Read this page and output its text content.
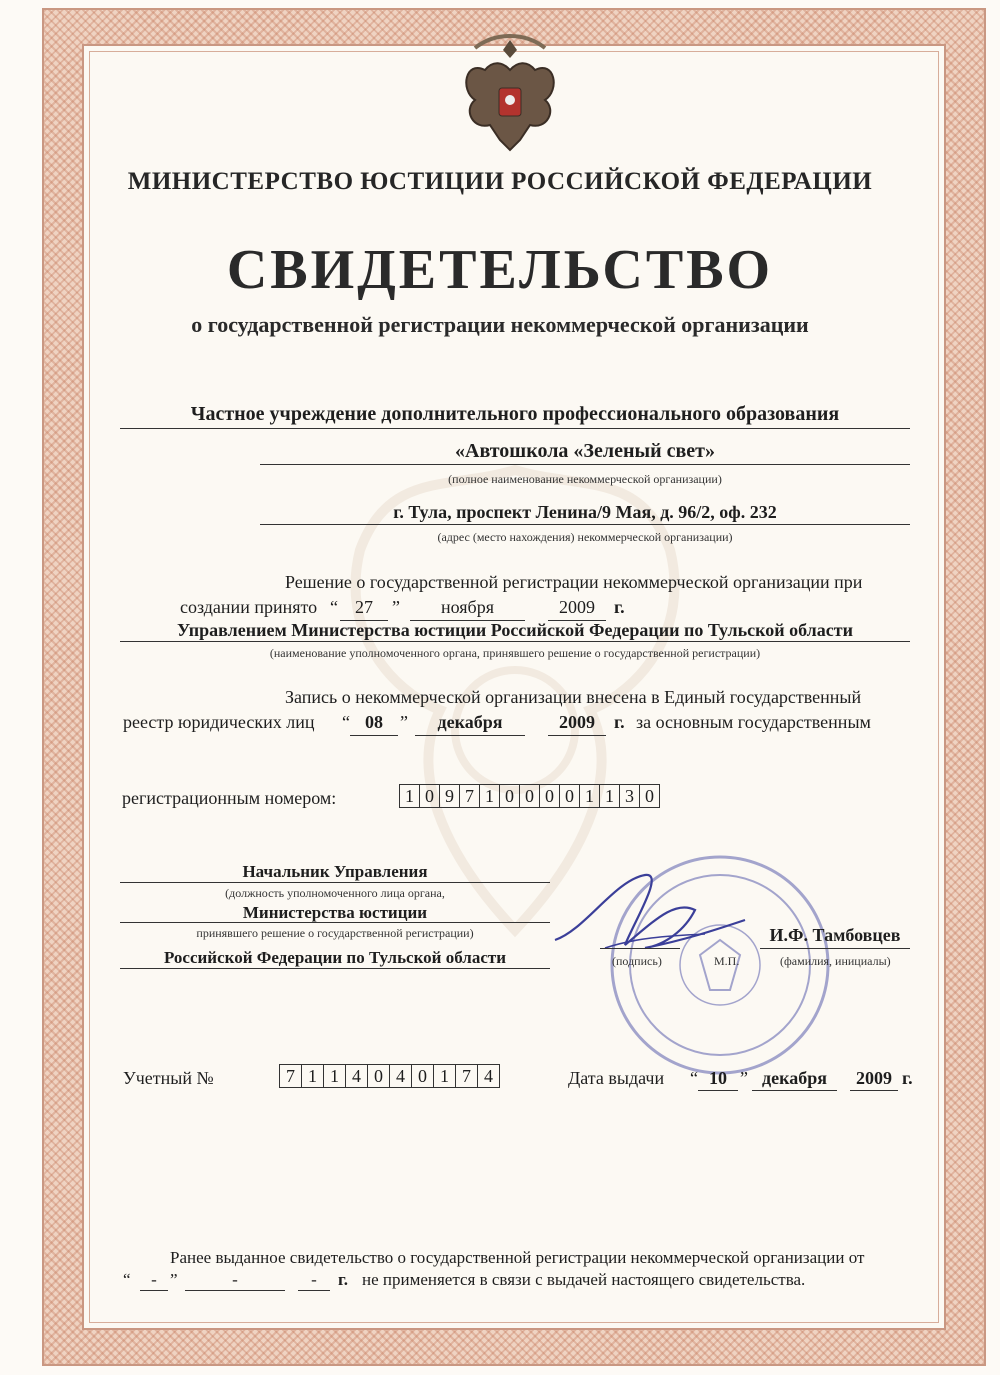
МИНИСТЕРСТВО ЮСТИЦИИ РОССИЙСКОЙ ФЕДЕРАЦИИ
СВИДЕТЕЛЬСТВО
о государственной регистрации некоммерческой организации
Частное учреждение дополнительного профессионального образования
«Автошкола «Зеленый свет»
(полное наименование некоммерческой организации)
г. Тула, проспект Ленина/9 Мая, д. 96/2, оф. 232
(адрес (место нахождения) некоммерческой организации)
Решение о государственной регистрации некоммерческой организации при
создании принято “ 27	”	ноября	2009	г.
Управлением Министерства юстиции Российской Федерации по Тульской области
(наименование уполномоченного органа, принявшего решение о государственной регистрации)
Запись о некоммерческой организации внесена в Единый государственный
реестр юридических лиц “ 08 ”	декабря	2009	г. за основным государственным
регистрационным номером:	1 0 9 7 1 0 0 0 0 1 1 3 0
Начальник Управления
(должность уполномоченного лица органа,
Министерства юстиции
принявшего решение о государственной регистрации)
Российской Федерации по Тульской области
И.Ф. Тамбовцев
(подпись)	М.П.	(фамилия, инициалы)
Учетный №	7 1 1 4 0 4 0 1 7 4	Дата выдачи “ 10 ” декабря	2009 г.
Ранее выданное свидетельство о государственной регистрации некоммерческой организации от
“	- ”	-	-	г. не применяется в связи с выдачей настоящего свидетельства.
